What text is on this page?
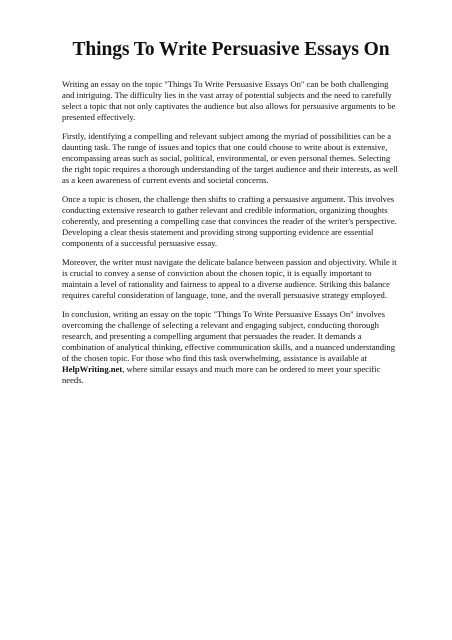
Things To Write Persuasive Essays On

Writing an essay on the topic "Things To Write Persuasive Essays On" can be both challenging and intriguing. The difficulty lies in the vast array of potential subjects and the need to carefully select a topic that not only captivates the audience but also allows for persuasive arguments to be presented effectively.

Firstly, identifying a compelling and relevant subject among the myriad of possibilities can be a daunting task. The range of issues and topics that one could choose to write about is extensive, encompassing areas such as social, political, environmental, or even personal themes. Selecting the right topic requires a thorough understanding of the target audience and their interests, as well as a keen awareness of current events and societal concerns.

Once a topic is chosen, the challenge then shifts to crafting a persuasive argument. This involves conducting extensive research to gather relevant and credible information, organizing thoughts coherently, and presenting a compelling case that convinces the reader of the writer's perspective. Developing a clear thesis statement and providing strong supporting evidence are essential components of a successful persuasive essay.

Moreover, the writer must navigate the delicate balance between passion and objectivity. While it is crucial to convey a sense of conviction about the chosen topic, it is equally important to maintain a level of rationality and fairness to appeal to a diverse audience. Striking this balance requires careful consideration of language, tone, and the overall persuasive strategy employed.

In conclusion, writing an essay on the topic "Things To Write Persuasive Essays On" involves overcoming the challenge of selecting a relevant and engaging subject, conducting thorough research, and presenting a compelling argument that persuades the reader. It demands a combination of analytical thinking, effective communication skills, and a nuanced understanding of the chosen topic. For those who find this task overwhelming, assistance is available at HelpWriting.net, where similar essays and much more can be ordered to meet your specific needs.
